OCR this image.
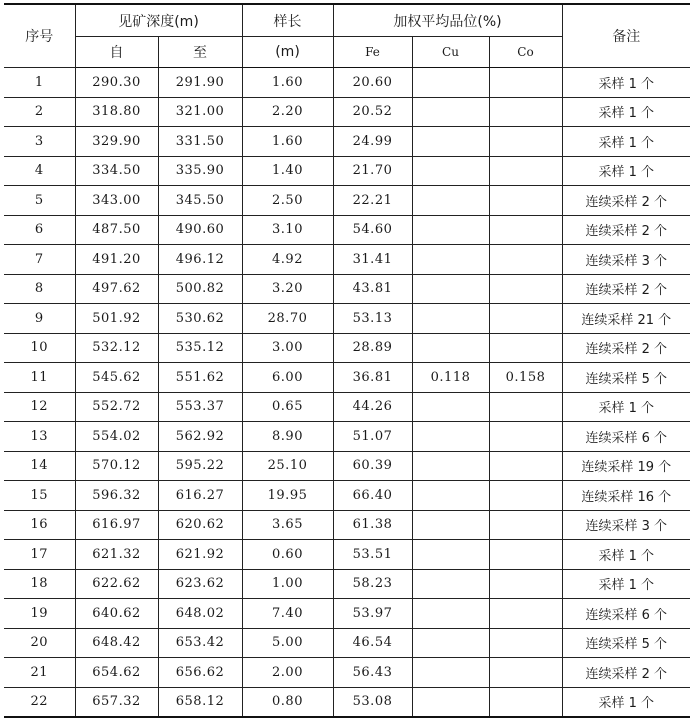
序号	见矿深度(m)		样长	加权平均品位(%)			备注
	自	至	(m)	Fe	Cu	Co	
1	290.30	291.90	1.60	20.60			采样 1 个
2	318.80	321.00	2.20	20.52			采样 1 个
3	329.90	331.50	1.60	24.99			采样 1 个
4	334.50	335.90	1.40	21.70			采样 1 个
5	343.00	345.50	2.50	22.21			连续采样 2 个
6	487.50	490.60	3.10	54.60			连续采样 2 个
7	491.20	496.12	4.92	31.41			连续采样 3 个
8	497.62	500.82	3.20	43.81			连续采样 2 个
9	501.92	530.62	28.70	53.13			连续采样 21 个
10	532.12	535.12	3.00	28.89			连续采样 2 个
11	545.62	551.62	6.00	36.81	0.118	0.158	连续采样 5 个
12	552.72	553.37	0.65	44.26			采样 1 个
13	554.02	562.92	8.90	51.07			连续采样 6 个
14	570.12	595.22	25.10	60.39			连续采样 19 个
15	596.32	616.27	19.95	66.40			连续采样 16 个
16	616.97	620.62	3.65	61.38			连续采样 3 个
17	621.32	621.92	0.60	53.51			采样 1 个
18	622.62	623.62	1.00	58.23			采样 1 个
19	640.62	648.02	7.40	53.97			连续采样 6 个
20	648.42	653.42	5.00	46.54			连续采样 5 个
21	654.62	656.62	2.00	56.43			连续采样 2 个
22	657.32	658.12	0.80	53.08			采样 1 个
